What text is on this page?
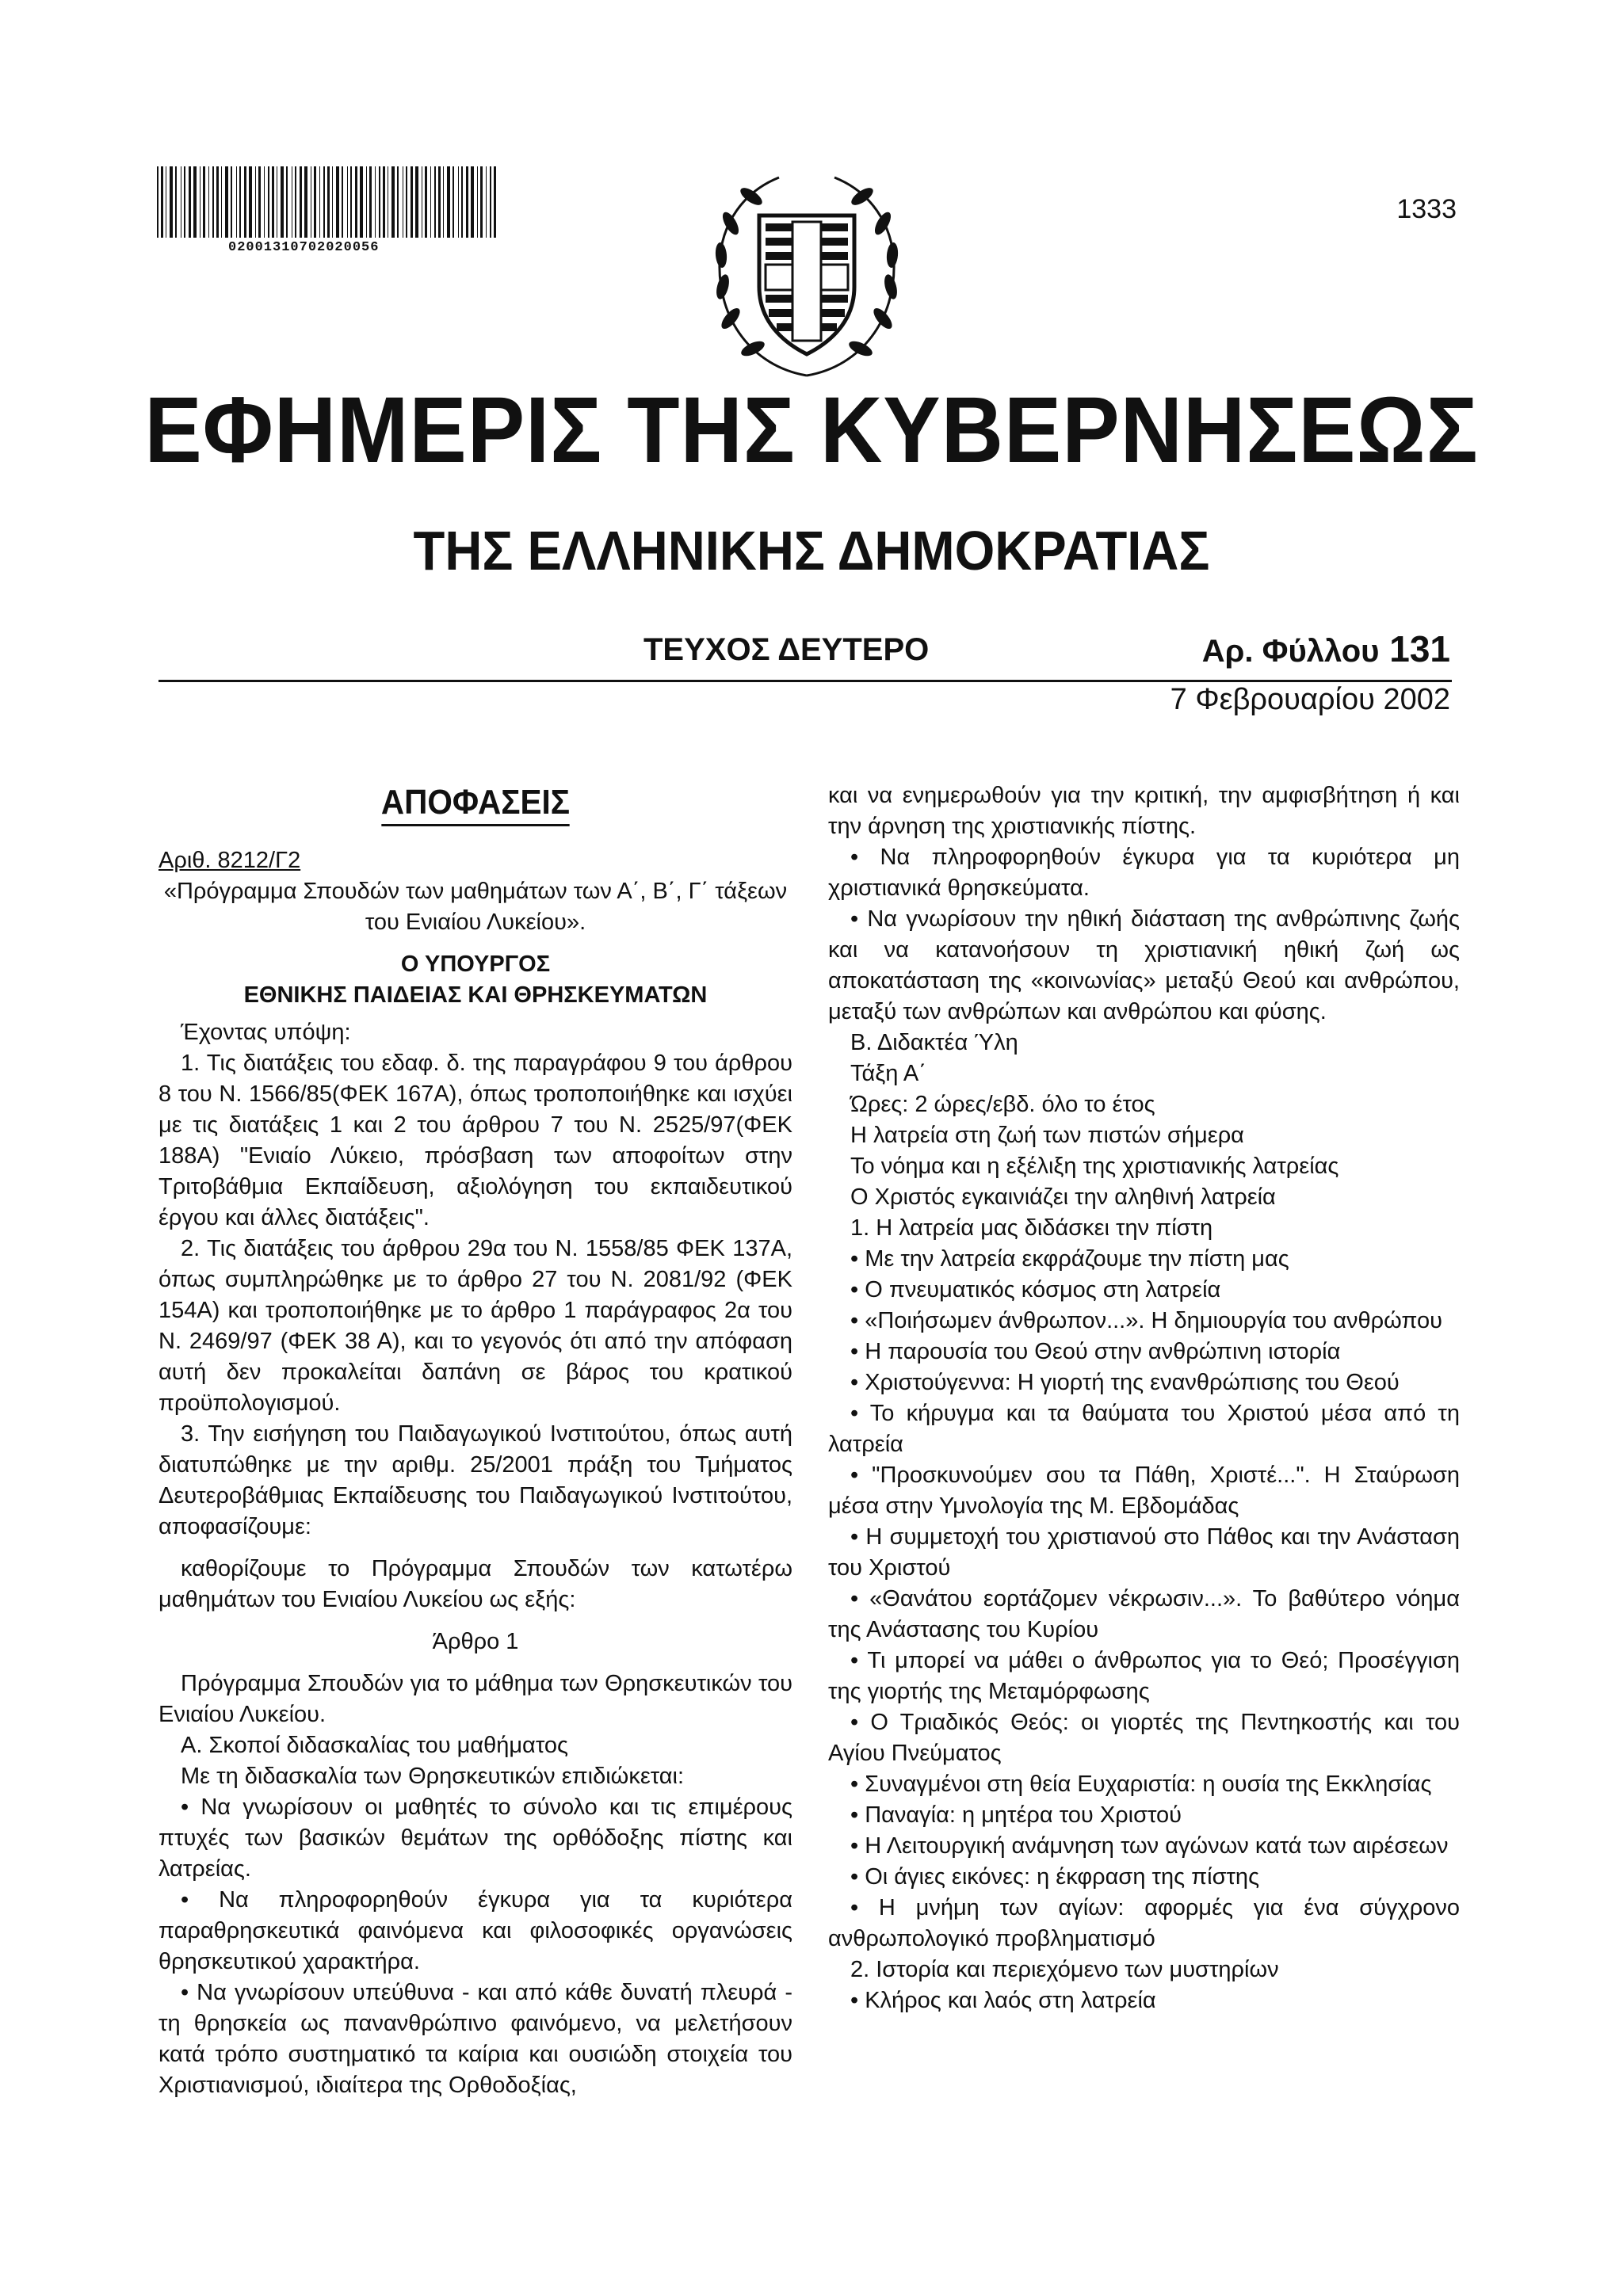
02001310702020056
1333
ΕΦΗΜΕΡΙΣ ΤΗΣ ΚΥΒΕΡΝΗΣΕΩΣ
ΤΗΣ ΕΛΛΗΝΙΚΗΣ ΔΗΜΟΚΡΑΤΙΑΣ
ΤΕΥΧΟΣ ΔΕΥΤΕΡΟ	Αρ. Φύλλου 131
7 Φεβρουαρίου 2002
ΑΠΟΦΑΣΕΙΣ

Αριθ. 8212/Γ2

«Πρόγραμμα Σπουδών των μαθημάτων των Α΄, Β΄, Γ΄ τάξεων του Ενιαίου Λυκείου».

Ο ΥΠΟΥΡΓΟΣ
ΕΘΝΙΚΗΣ ΠΑΙΔΕΙΑΣ ΚΑΙ ΘΡΗΣΚΕΥΜΑΤΩΝ

Έχοντας υπόψη:

1. Τις διατάξεις του εδαφ. δ. της παραγράφου 9 του άρθρου 8 του Ν. 1566/85(ΦΕΚ 167Α), όπως τροποποιήθηκε και ισχύει με τις διατάξεις 1 και 2 του άρθρου 7 του Ν. 2525/97(ΦΕΚ 188Α) "Ενιαίο Λύκειο, πρόσβαση των αποφοίτων στην Τριτοβάθμια Εκπαίδευση, αξιολόγηση του εκπαιδευτικού έργου και άλλες διατάξεις".

2. Τις διατάξεις του άρθρου 29α του Ν. 1558/85 ΦΕΚ 137Α, όπως συμπληρώθηκε με το άρθρο 27 του Ν. 2081/92 (ΦΕΚ 154Α) και τροποποιήθηκε με το άρθρο 1 παράγραφος 2α του Ν. 2469/97 (ΦΕΚ 38 Α), και το γεγονός ότι από την απόφαση αυτή δεν προκαλείται δαπάνη σε βάρος του κρατικού προϋπολογισμού.

3. Την εισήγηση του Παιδαγωγικού Ινστιτούτου, όπως αυτή διατυπώθηκε με την αριθμ. 25/2001 πράξη του Τμήματος Δευτεροβάθμιας Εκπαίδευσης του Παιδαγωγικού Ινστιτούτου, αποφασίζουμε:

καθορίζουμε το Πρόγραμμα Σπουδών των κατωτέρω μαθημάτων του Ενιαίου Λυκείου ως εξής:

Άρθρο 1

Πρόγραμμα Σπουδών για το μάθημα των Θρησκευτικών του Ενιαίου Λυκείου.

Α. Σκοποί διδασκαλίας του μαθήματος

Με τη διδασκαλία των Θρησκευτικών επιδιώκεται:

• Να γνωρίσουν οι μαθητές το σύνολο και τις επιμέρους πτυχές των βασικών θεμάτων της ορθόδοξης πίστης και λατρείας.

• Να πληροφορηθούν έγκυρα για τα κυριότερα παραθρησκευτικά φαινόμενα και φιλοσοφικές οργανώσεις θρησκευτικού χαρακτήρα.

• Να γνωρίσουν υπεύθυνα - και από κάθε δυνατή πλευρά - τη θρησκεία ως πανανθρώπινο φαινόμενο, να μελετήσουν κατά τρόπο συστηματικό τα καίρια και ουσιώδη στοιχεία του Χριστιανισμού, ιδιαίτερα της Ορθοδοξίας,

και να ενημερωθούν για την κριτική, την αμφισβήτηση ή και την άρνηση της χριστιανικής πίστης.

• Να πληροφορηθούν έγκυρα για τα κυριότερα μη χριστιανικά θρησκεύματα.

• Να γνωρίσουν την ηθική διάσταση της ανθρώπινης ζωής και να κατανοήσουν τη χριστιανική ηθική ζωή ως αποκατάσταση της «κοινωνίας» μεταξύ Θεού και ανθρώπου, μεταξύ των ανθρώπων και ανθρώπου και φύσης.

Β. Διδακτέα Ύλη

Τάξη Α΄

Ώρες: 2 ώρες/εβδ. όλο το έτος

Η λατρεία στη ζωή των πιστών σήμερα

Το νόημα και η εξέλιξη της χριστιανικής λατρείας

Ο Χριστός εγκαινιάζει την αληθινή λατρεία

1. Η λατρεία μας διδάσκει την πίστη

• Με την λατρεία εκφράζουμε την πίστη μας

• Ο πνευματικός κόσμος στη λατρεία

• «Ποιήσωμεν άνθρωπον...». Η δημιουργία του ανθρώπου

• Η παρουσία του Θεού στην ανθρώπινη ιστορία

• Χριστούγεννα: Η γιορτή της ενανθρώπισης του Θεού

• Το κήρυγμα και τα θαύματα του Χριστού μέσα από τη λατρεία

• "Προσκυνούμεν σου τα Πάθη, Χριστέ...". Η Σταύρωση μέσα στην Υμνολογία της Μ. Εβδομάδας

• Η συμμετοχή του χριστιανού στο Πάθος και την Ανάσταση του Χριστού

• «Θανάτου εορτάζομεν νέκρωσιν...». Το βαθύτερο νόημα της Ανάστασης του Κυρίου

• Τι μπορεί να μάθει ο άνθρωπος για το Θεό; Προσέγγιση της γιορτής της Μεταμόρφωσης

• Ο Τριαδικός Θεός: οι γιορτές της Πεντηκοστής και του Αγίου Πνεύματος

• Συναγμένοι στη θεία Ευχαριστία: η ουσία της Εκκλησίας

• Παναγία: η μητέρα του Χριστού

• Η Λειτουργική ανάμνηση των αγώνων κατά των αιρέσεων

• Οι άγιες εικόνες: η έκφραση της πίστης

• Η μνήμη των αγίων: αφορμές για ένα σύγχρονο ανθρωπολογικό προβληματισμό

2. Ιστορία και περιεχόμενο των μυστηρίων

• Κλήρος και λαός στη λατρεία
